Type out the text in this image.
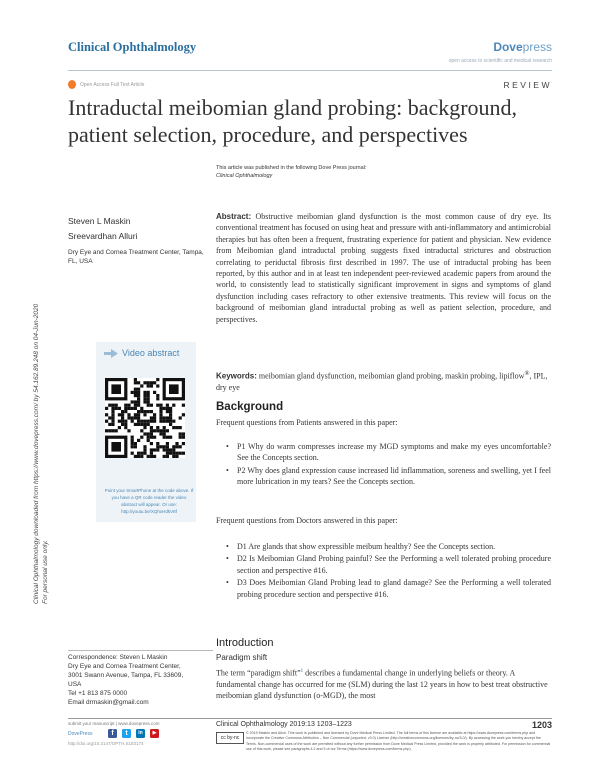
Clinical Ophthalmology	Dovepress
open access to scientific and medical research
Open Access Full Text Article	REVIEW
Intraductal meibomian gland probing: background, patient selection, procedure, and perspectives
This article was published in the following Dove Press journal:
Clinical Ophthalmology
Clinical Ophthalmology downloaded from https://www.dovepress.com/ by 54.162.89.248 on 04-Jun-2020 For personal use only.
Steven L Maskin
Sreevardhan Alluri
Dry Eye and Cornea Treatment Center, Tampa, FL, USA
Abstract: Obstructive meibomian gland dysfunction is the most common cause of dry eye. Its conventional treatment has focused on using heat and pressure with anti-inflammatory and antimicrobial therapies but has often been a frequent, frustrating experience for patient and physician. New evidence from Meibomian gland intraductal probing suggests fixed intraductal strictures and obstruction correlating to periductal fibrosis first described in 1997. The use of intraductal probing has been reported, by this author and in at least ten independent peer-reviewed academic papers from around the world, to consistently lead to statistically significant improvement in signs and symptoms of gland dysfunction including cases refractory to other extensive treatments. This review will focus on the background of meibomian gland intraductal probing as well as patient selection, procedure, and perspectives.
Keywords: meibomian gland dysfunction, meibomian gland probing, maskin probing, lipiflow®, IPL, dry eye
Video abstract
Point your SmartPhone at the code above. If you have a QR code reader the video abstract will appear. Or use: http://youtu.be/XQhxHdkV8f
Background
Frequent questions from Patients answered in this paper:
• P1 Why do warm compresses increase my MGD symptoms and make my eyes uncomfortable? See the Concepts section.
• P2 Why does gland expression cause increased lid inflammation, soreness and swelling, yet I feel more lubrication in my tears? See the Concepts section.
Frequent questions from Doctors answered in this paper:
• D1 Are glands that show expressible meibum healthy? See the Concepts section.
• D2 Is Meibomian Gland Probing painful? See the Performing a well tolerated probing procedure section and perspective #16.
• D3 Does Meibomian Gland Probing lead to gland damage? See the Performing a well tolerated probing procedure section and perspective #16.
Introduction
Paradigm shift
The term “paradigm shift”$^1$ describes a fundamental change in underlying beliefs or theory. A fundamental change has occurred for me (SLM) during the last 12 years in how to best treat obstructive meibomian gland dysfunction (o-MGD), the most
Correspondence: Steven L Maskin
Dry Eye and Cornea Treatment Center,
3001 Swann Avenue, Tampa, FL 33609,
USA
Tel +1 813 875 0000
Email drmaskin@gmail.com
submit your manuscript | www.dovepress.com
DovePress	f	t	in	▶
http://doi.org/10.2147/OPTH.S183174
Clinical Ophthalmology 2019:13 1203–1223	1203
cc by-nc
© 2019 Maskin and Alluri. This work is published and licensed by Dove Medical Press Limited. The full terms of this license are available at https://www.dovepress.com/terms.php and incorporate the Creative Commons Attribution – Non Commercial (unported, v3.0) License (http://creativecommons.org/licenses/by-nc/3.0/). By accessing the work you hereby accept the Terms. Non-commercial uses of the work are permitted without any further permission from Dove Medical Press Limited, provided the work is properly attributed. For permission for commercial use of this work, please see paragraphs 4.2 and 5 of our Terms (https://www.dovepress.com/terms.php).
